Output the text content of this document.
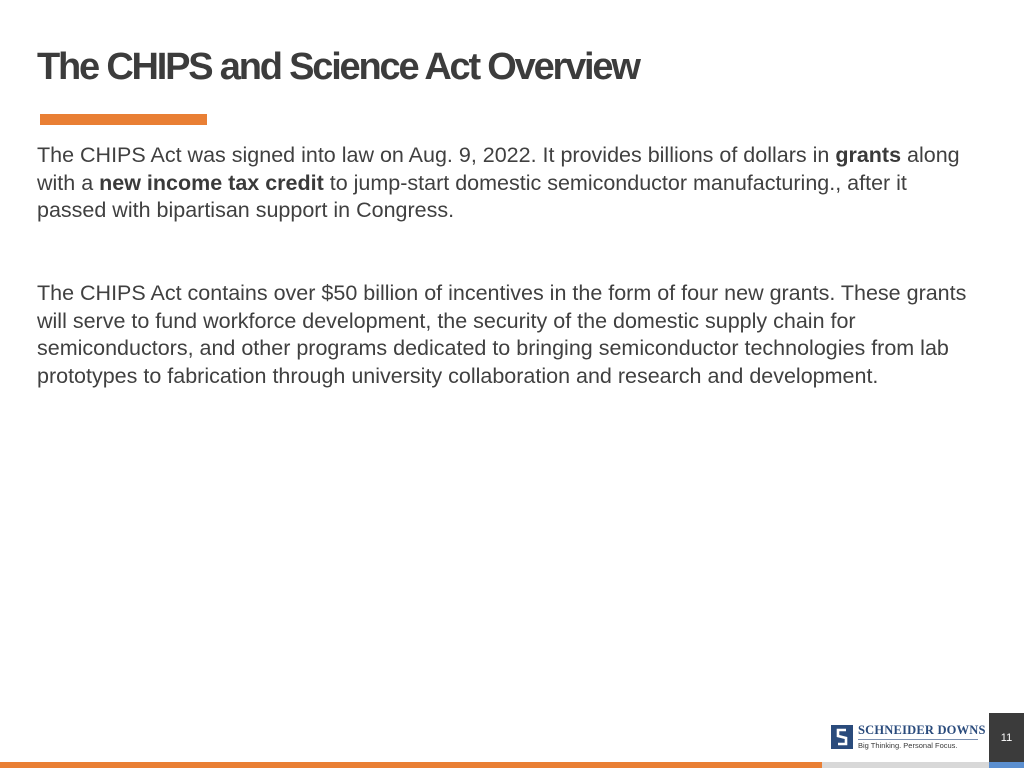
The CHIPS and Science Act Overview

The CHIPS Act was signed into law on Aug. 9, 2022. It provides billions of dollars in grants along with a new income tax credit to jump-start domestic semiconductor manufacturing., after it passed with bipartisan support in Congress.

The CHIPS Act contains over $50 billion of incentives in the form of four new grants. These grants will serve to fund workforce development, the security of the domestic supply chain for semiconductors, and other programs dedicated to bringing semiconductor technologies from lab prototypes to fabrication through university collaboration and research and development.

SCHNEIDER DOWNS
Big Thinking. Personal Focus.
11
